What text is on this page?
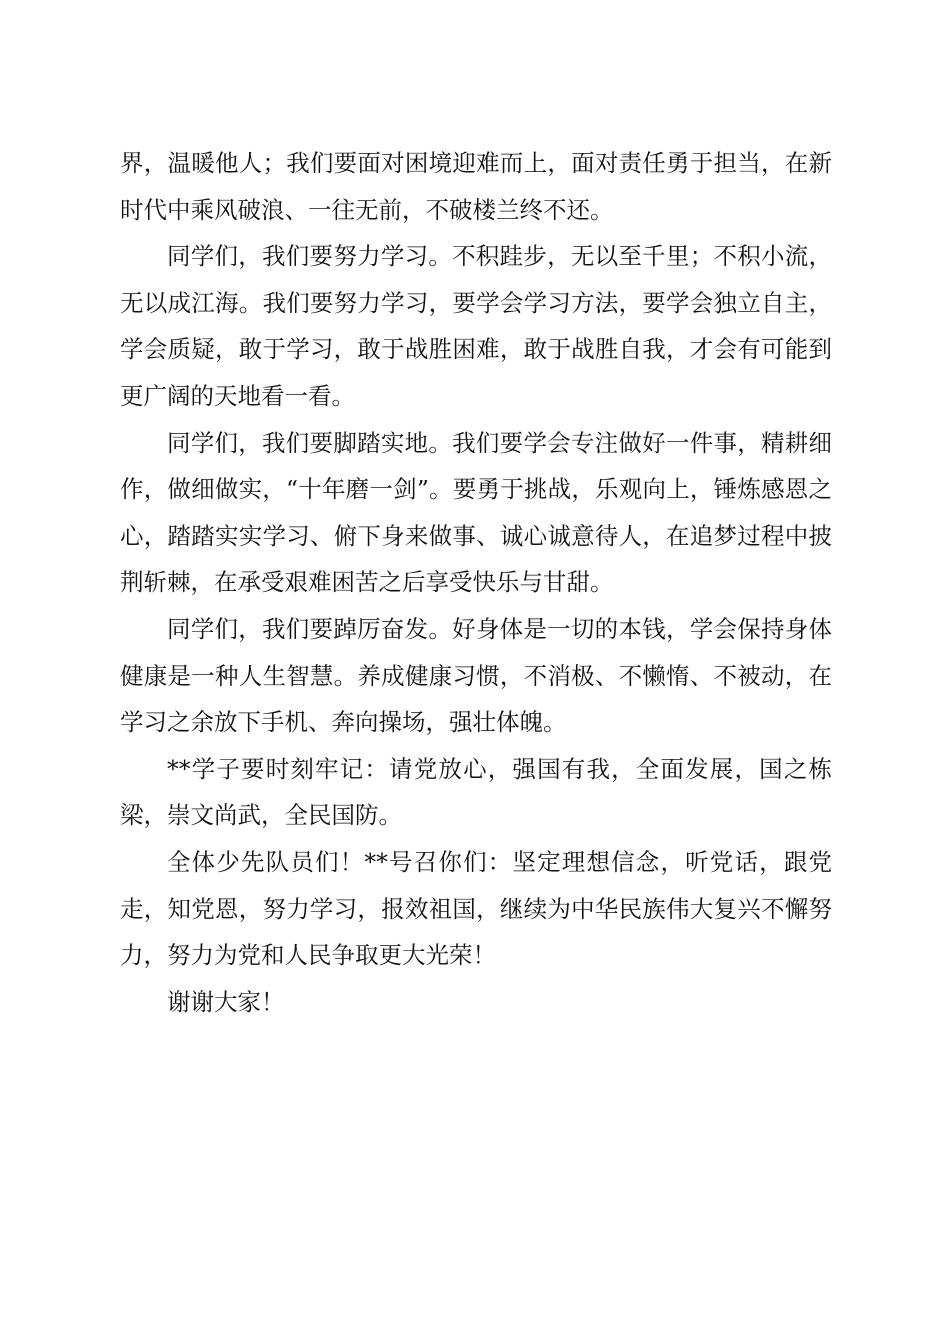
界，温暖他人；我们要面对困境迎难而上，面对责任勇于担当，在新时代中乘风破浪、一往无前，不破楼兰终不还。

同学们，我们要努力学习。不积跬步，无以至千里；不积小流，无以成江海。我们要努力学习，要学会学习方法，要学会独立自主，学会质疑，敢于学习，敢于战胜困难，敢于战胜自我，才会有可能到更广阔的天地看一看。

同学们，我们要脚踏实地。我们要学会专注做好一件事，精耕细作，做细做实，“十年磨一剑”。要勇于挑战，乐观向上，锤炼感恩之心，踏踏实实学习、俯下身来做事、诚心诚意待人，在追梦过程中披荆斩棘，在承受艰难困苦之后享受快乐与甘甜。

同学们，我们要踔厉奋发。好身体是一切的本钱，学会保持身体健康是一种人生智慧。养成健康习惯，不消极、不懒惰、不被动，在学习之余放下手机、奔向操场，强壮体魄。

**学子要时刻牢记：请党放心，强国有我，全面发展，国之栋梁，崇文尚武，全民国防。

全体少先队员们！**号召你们：坚定理想信念，听党话，跟党走，知党恩，努力学习，报效祖国，继续为中华民族伟大复兴不懈努力，努力为党和人民争取更大光荣！

谢谢大家！
